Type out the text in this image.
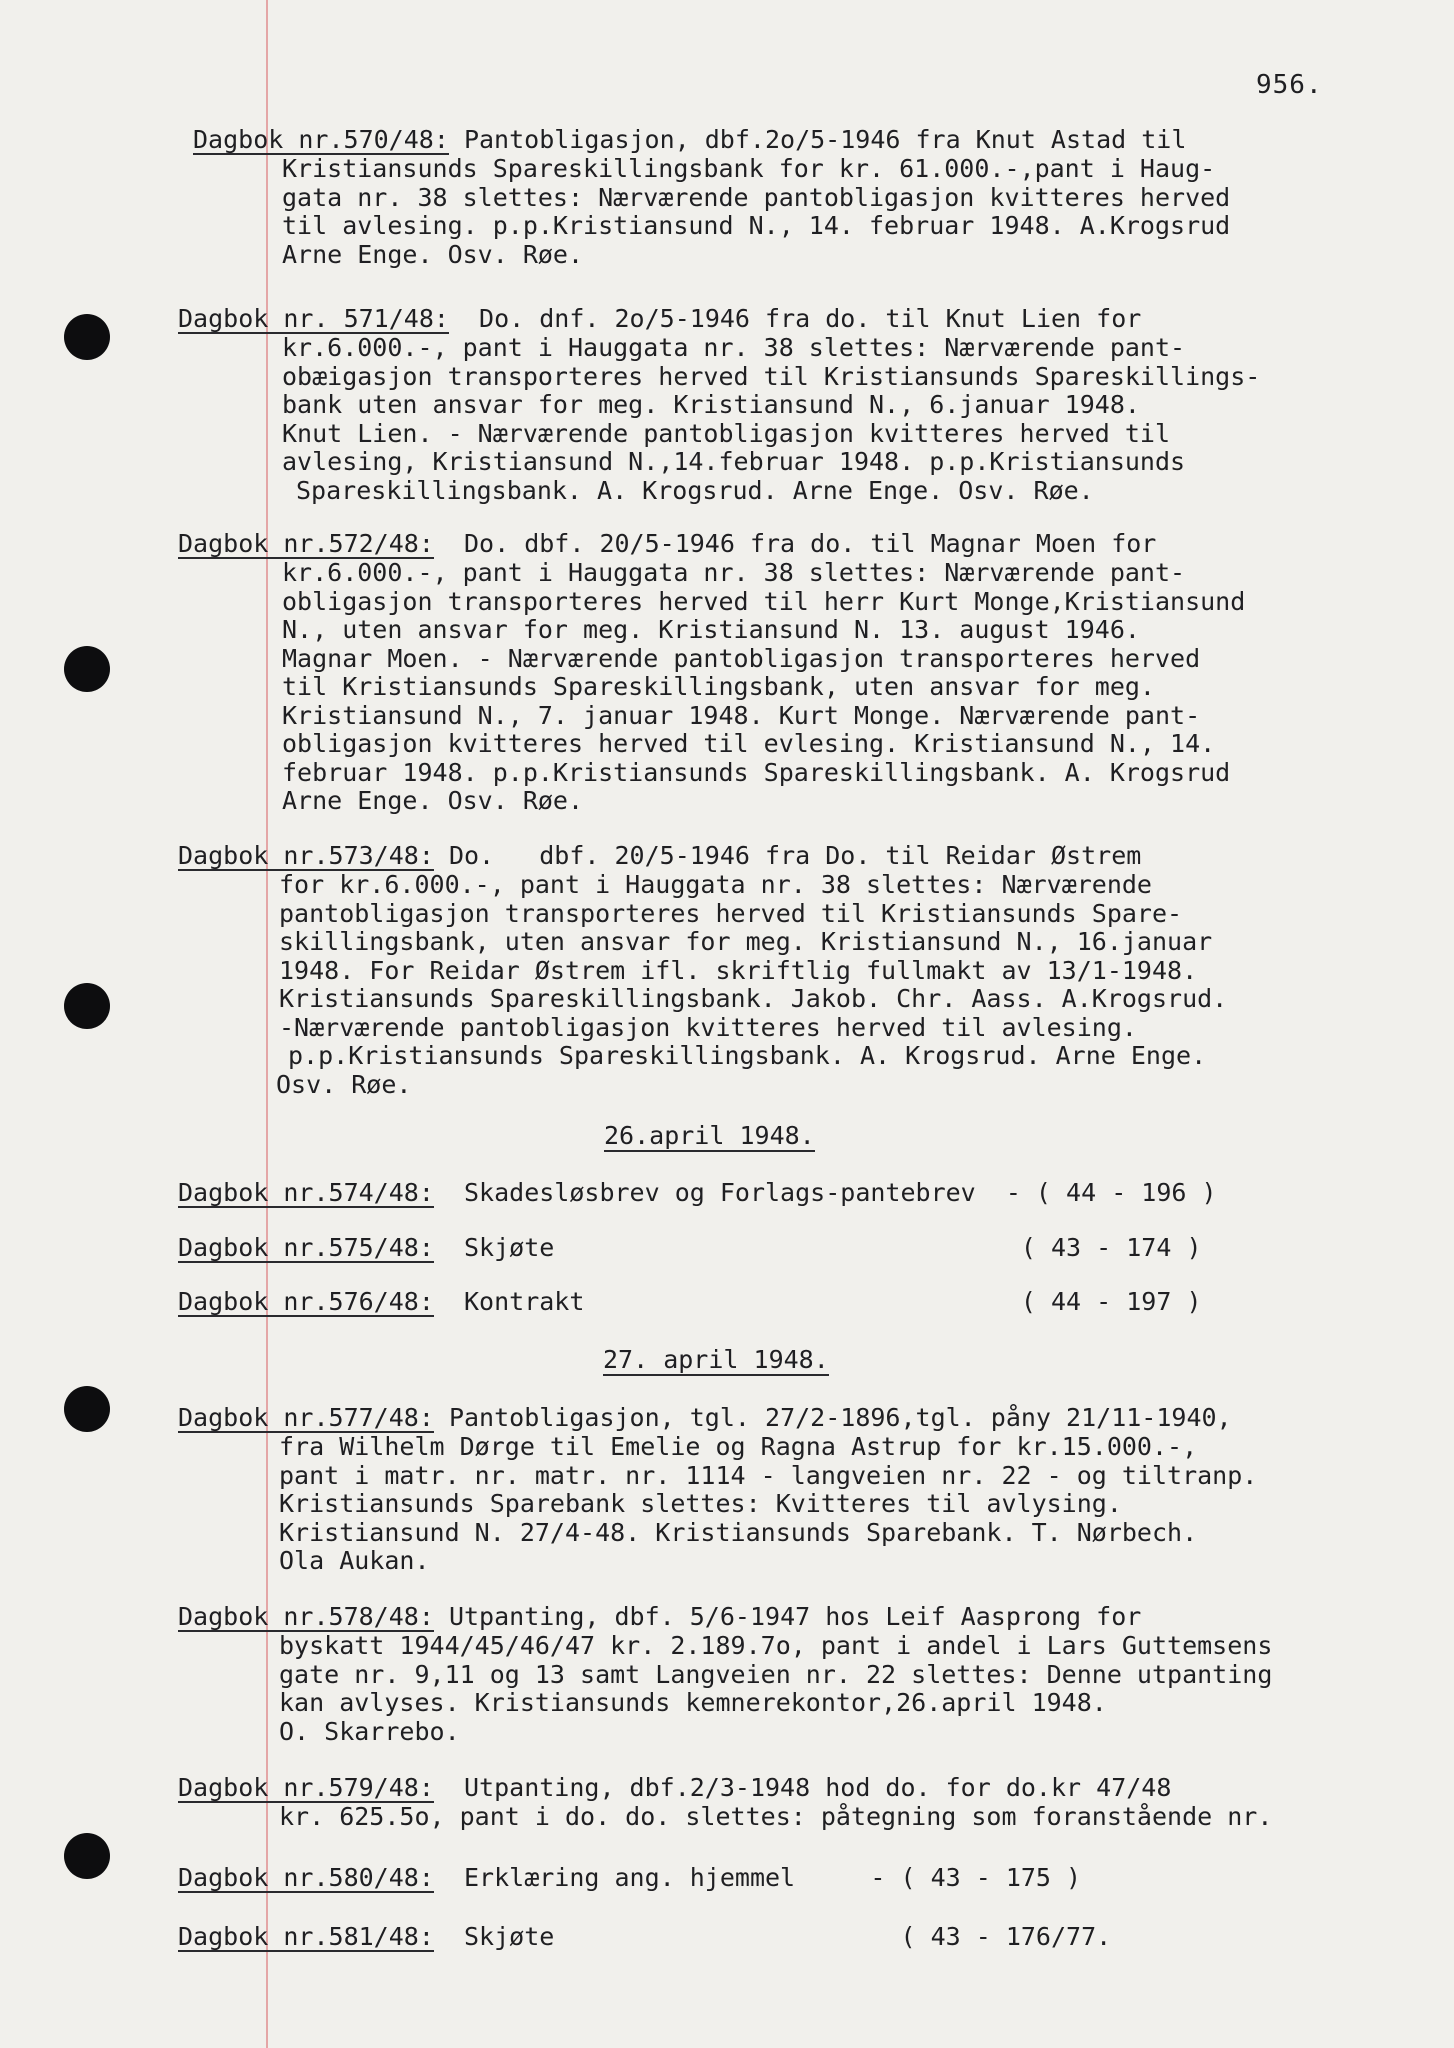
956.
Dagbok nr.570/48: Pantobligasjon, dbf.2o/5-1946 fra Knut Astad til
Kristiansunds Spareskillingsbank for kr. 61.000.-,pant i Haug-
gata nr. 38 slettes: Nærværende pantobligasjon kvitteres herved
til avlesing. p.p.Kristiansund N., 14. februar 1948. A.Krogsrud
Arne Enge. Osv. Røe.
Dagbok nr. 571/48: Do. dnf. 2o/5-1946 fra do. til Knut Lien for
kr.6.000.-, pant i Hauggata nr. 38 slettes: Nærværende pant-
obæigasjon transporteres herved til Kristiansunds Spareskillings-
bank uten ansvar for meg. Kristiansund N., 6.januar 1948.
Knut Lien. - Nærværende pantobligasjon kvitteres herved til
avlesing, Kristiansund N.,14.februar 1948. p.p.Kristiansunds
Spareskillingsbank. A. Krogsrud. Arne Enge. Osv. Røe.
Dagbok nr.572/48: Do. dbf. 20/5-1946 fra do. til Magnar Moen for
kr.6.000.-, pant i Hauggata nr. 38 slettes: Nærværende pant-
obligasjon transporteres herved til herr Kurt Monge,Kristiansund
N., uten ansvar for meg. Kristiansund N. 13. august 1946.
Magnar Moen. - Nærværende pantobligasjon transporteres herved
til Kristiansunds Spareskillingsbank, uten ansvar for meg.
Kristiansund N., 7. januar 1948. Kurt Monge. Nærværende pant-
obligasjon kvitteres herved til evlesing. Kristiansund N., 14.
februar 1948. p.p.Kristiansunds Spareskillingsbank. A. Krogsrud
Arne Enge. Osv. Røe.
Dagbok nr.573/48: Do.   dbf. 20/5-1946 fra Do. til Reidar Østrem
for kr.6.000.-, pant i Hauggata nr. 38 slettes: Nærværende
pantobligasjon transporteres herved til Kristiansunds Spare-
skillingsbank, uten ansvar for meg. Kristiansund N., 16.januar
1948. For Reidar Østrem ifl. skriftlig fullmakt av 13/1-1948.
Kristiansunds Spareskillingsbank. Jakob. Chr. Aass. A.Krogsrud.
-Nærværende pantobligasjon kvitteres herved til avlesing.
p.p.Kristiansunds Spareskillingsbank. A. Krogsrud. Arne Enge.
Osv. Røe.
26.april 1948.
Dagbok nr.574/48: Skadesløsbrev og Forlags-pantebrev  - ( 44 - 196 )
Dagbok nr.575/48: Skjøte                               ( 43 - 174 )
Dagbok nr.576/48: Kontrakt                             ( 44 - 197 )
27. april 1948.
Dagbok nr.577/48: Pantobligasjon, tgl. 27/2-1896,tgl. påny 21/11-1940,
fra Wilhelm Dørge til Emelie og Ragna Astrup for kr.15.000.-,
pant i matr. nr. matr. nr. 1114 - langveien nr. 22 - og tiltranp.
Kristiansunds Sparebank slettes: Kvitteres til avlysing.
Kristiansund N. 27/4-48. Kristiansunds Sparebank. T. Nørbech.
Ola Aukan.
Dagbok nr.578/48: Utpanting, dbf. 5/6-1947 hos Leif Aasprong for
byskatt 1944/45/46/47 kr. 2.189.7o, pant i andel i Lars Guttemsens
gate nr. 9,11 og 13 samt Langveien nr. 22 slettes: Denne utpanting
kan avlyses. Kristiansunds kemnerekontor,26.april 1948.
O. Skarrebo.
Dagbok nr.579/48: Utpanting, dbf.2/3-1948 hod do. for do.kr 47/48
kr. 625.5o, pant i do. do. slettes: påtegning som foranstående nr.
Dagbok nr.580/48: Erklæring ang. hjemmel     - ( 43 - 175 )
Dagbok nr.581/48: Skjøte                       ( 43 - 176/77.
